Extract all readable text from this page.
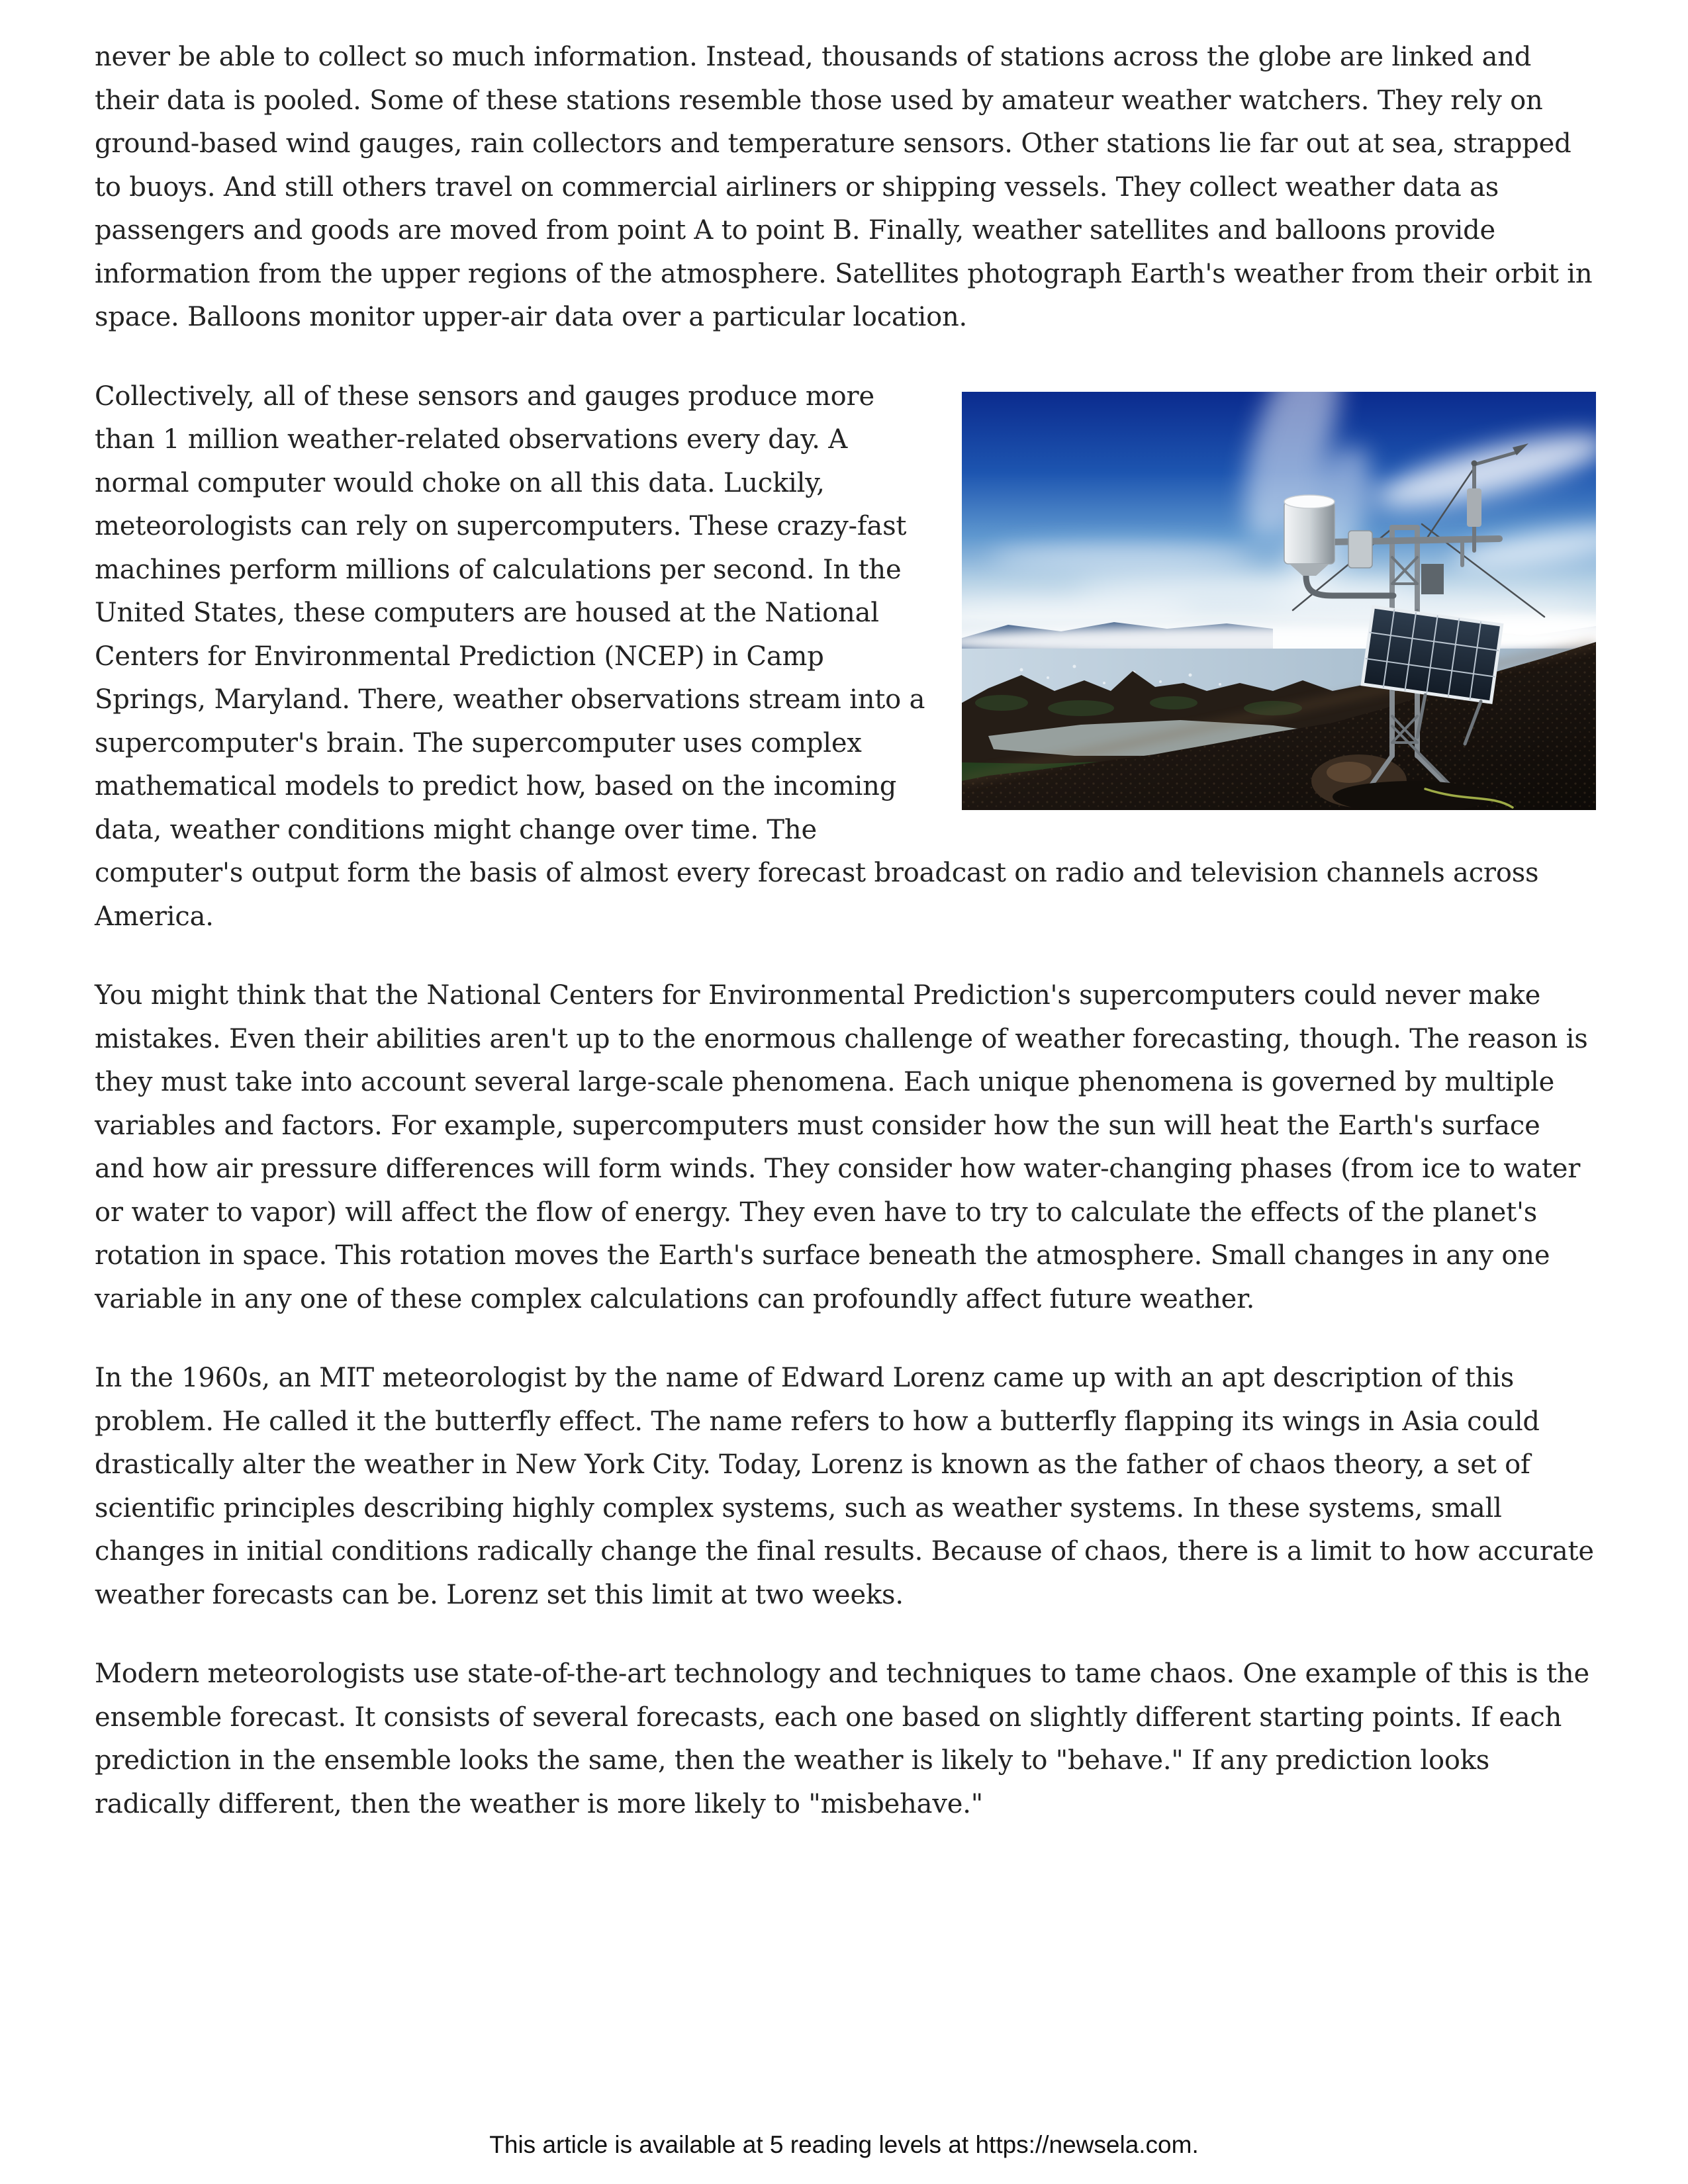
never be able to collect so much information. Instead, thousands of stations across the globe are linked and their data is pooled. Some of these stations resemble those used by amateur weather watchers. They rely on ground-based wind gauges, rain collectors and temperature sensors. Other stations lie far out at sea, strapped to buoys. And still others travel on commercial airliners or shipping vessels. They collect weather data as passengers and goods are moved from point A to point B. Finally, weather satellites and balloons provide information from the upper regions of the atmosphere. Satellites photograph Earth's weather from their orbit in space. Balloons monitor upper-air data over a particular location.

Collectively, all of these sensors and gauges produce more than 1 million weather-related observations every day. A normal computer would choke on all this data. Luckily, meteorologists can rely on supercomputers. These crazy-fast machines perform millions of calculations per second. In the United States, these computers are housed at the National Centers for Environmental Prediction (NCEP) in Camp Springs, Maryland. There, weather observations stream into a supercomputer's brain. The supercomputer uses complex mathematical models to predict how, based on the incoming data, weather conditions might change over time. The computer's output form the basis of almost every forecast broadcast on radio and television channels across America.

You might think that the National Centers for Environmental Prediction's supercomputers could never make mistakes. Even their abilities aren't up to the enormous challenge of weather forecasting, though. The reason is they must take into account several large-scale phenomena. Each unique phenomena is governed by multiple variables and factors. For example, supercomputers must consider how the sun will heat the Earth's surface and how air pressure differences will form winds. They consider how water-changing phases (from ice to water or water to vapor) will affect the flow of energy. They even have to try to calculate the effects of the planet's rotation in space. This rotation moves the Earth's surface beneath the atmosphere. Small changes in any one variable in any one of these complex calculations can profoundly affect future weather.

In the 1960s, an MIT meteorologist by the name of Edward Lorenz came up with an apt description of this problem. He called it the butterfly effect. The name refers to how a butterfly flapping its wings in Asia could drastically alter the weather in New York City. Today, Lorenz is known as the father of chaos theory, a set of scientific principles describing highly complex systems, such as weather systems. In these systems, small changes in initial conditions radically change the final results. Because of chaos, there is a limit to how accurate weather forecasts can be. Lorenz set this limit at two weeks.

Modern meteorologists use state-of-the-art technology and techniques to tame chaos. One example of this is the ensemble forecast. It consists of several forecasts, each one based on slightly different starting points. If each prediction in the ensemble looks the same, then the weather is likely to "behave." If any prediction looks radically different, then the weather is more likely to "misbehave."

This article is available at 5 reading levels at https://newsela.com.
